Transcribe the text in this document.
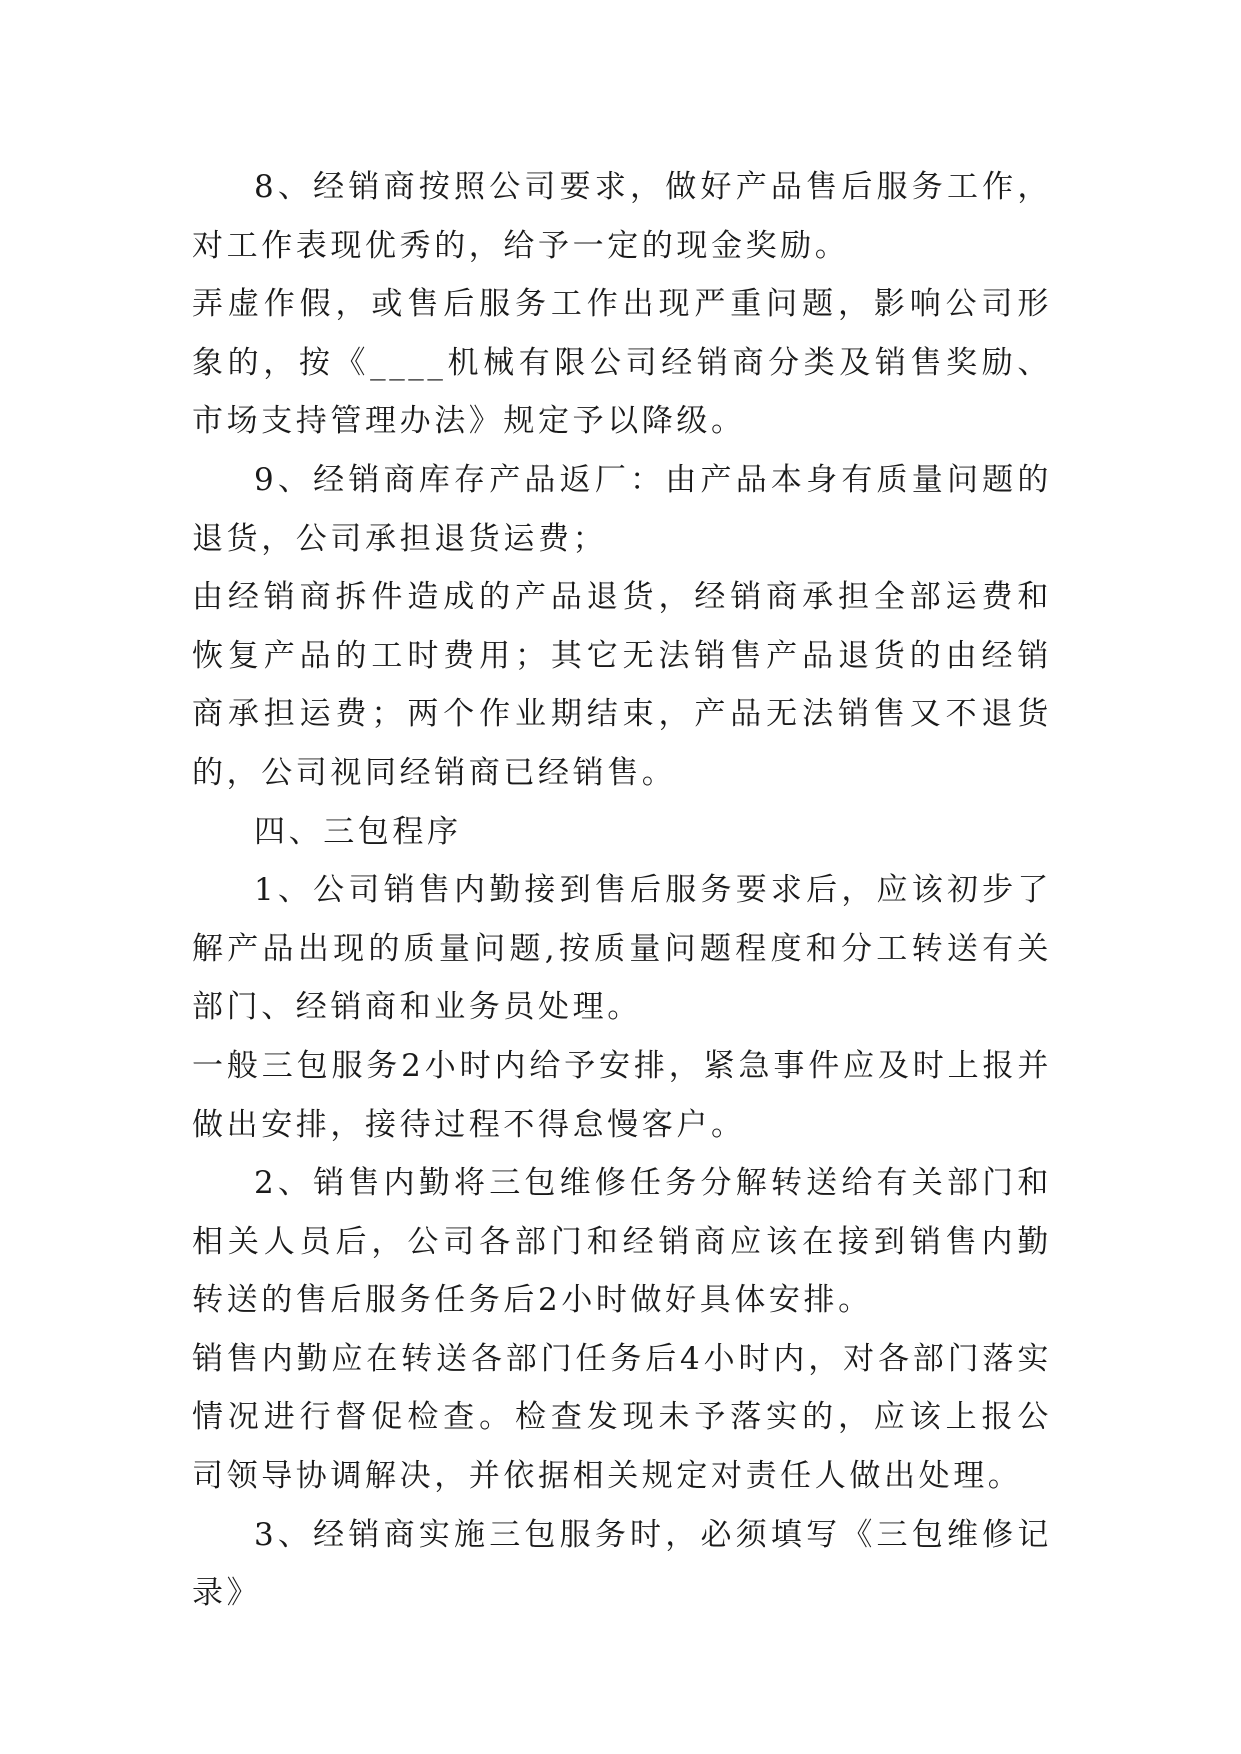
8、经销商按照公司要求，做好产品售后服务工作，对工作表现优秀的，给予一定的现金奖励。

弄虚作假，或售后服务工作出现严重问题，影响公司形象的，按《____机械有限公司经销商分类及销售奖励、市场支持管理办法》规定予以降级。

9、经销商库存产品返厂：由产品本身有质量问题的退货，公司承担退货运费；

由经销商拆件造成的产品退货，经销商承担全部运费和恢复产品的工时费用；其它无法销售产品退货的由经销商承担运费；两个作业期结束，产品无法销售又不退货的，公司视同经销商已经销售。

四、三包程序

1、公司销售内勤接到售后服务要求后，应该初步了解产品出现的质量问题,按质量问题程度和分工转送有关部门、经销商和业务员处理。

一般三包服务2小时内给予安排，紧急事件应及时上报并做出安排，接待过程不得怠慢客户。

2、销售内勤将三包维修任务分解转送给有关部门和相关人员后，公司各部门和经销商应该在接到销售内勤转送的售后服务任务后2小时做好具体安排。

销售内勤应在转送各部门任务后4小时内，对各部门落实情况进行督促检查。检查发现未予落实的，应该上报公司领导协调解决，并依据相关规定对责任人做出处理。

3、经销商实施三包服务时，必须填写《三包维修记录》
